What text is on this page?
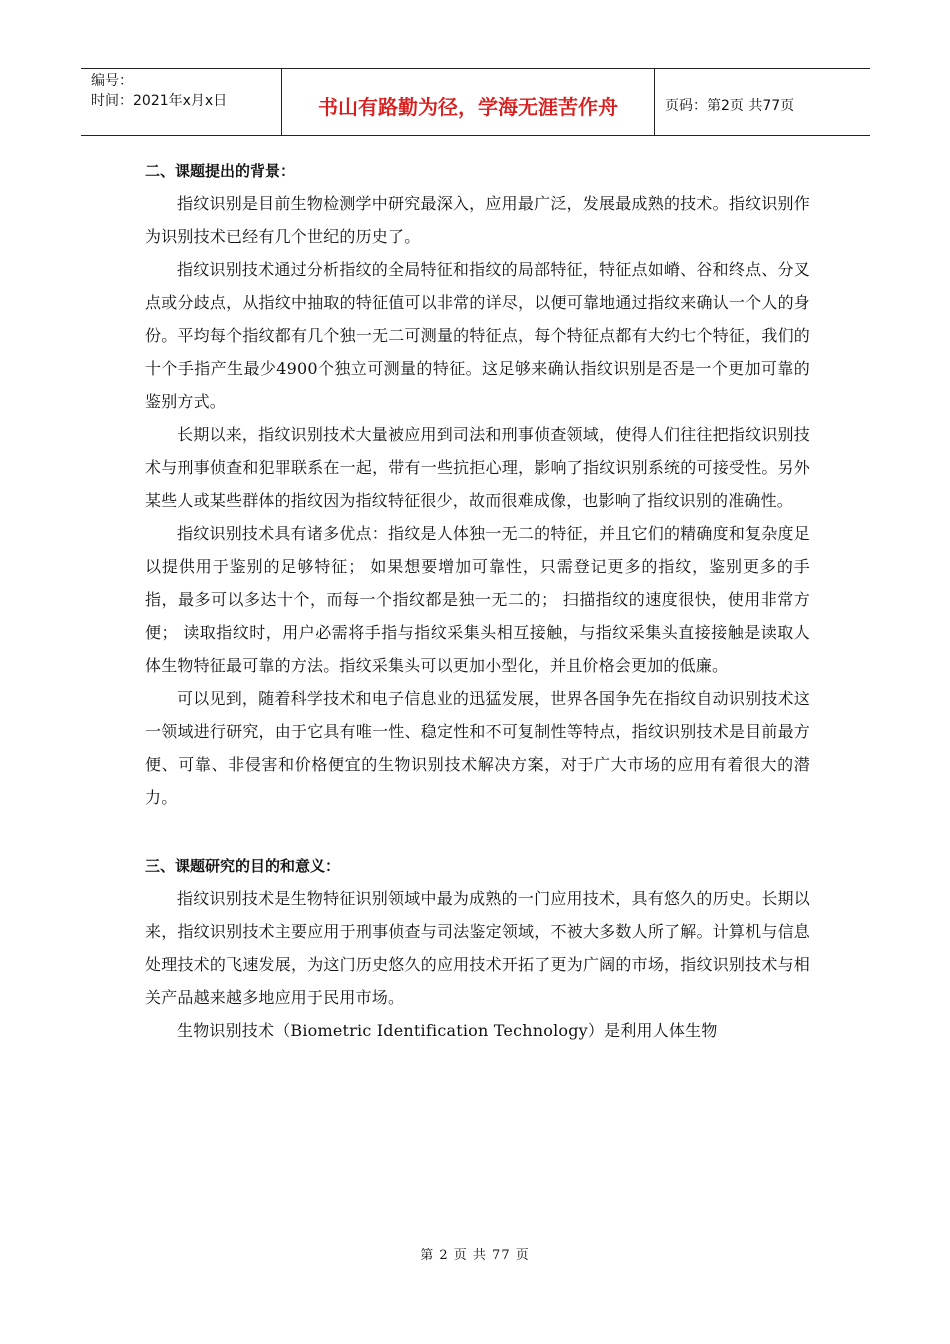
编号：
时间：2021年x月x日	书山有路勤为径，学海无涯苦作舟	页码：第2页 共77页

二、课题提出的背景：

指纹识别是目前生物检测学中研究最深入，应用最广泛，发展最成熟的技术。指纹识别作为识别技术已经有几个世纪的历史了。

指纹识别技术通过分析指纹的全局特征和指纹的局部特征，特征点如嵴、谷和终点、分叉点或分歧点，从指纹中抽取的特征值可以非常的详尽，以便可靠地通过指纹来确认一个人的身份。平均每个指纹都有几个独一无二可测量的特征点，每个特征点都有大约七个特征，我们的十个手指产生最少4900个独立可测量的特征。这足够来确认指纹识别是否是一个更加可靠的鉴别方式。

长期以来，指纹识别技术大量被应用到司法和刑事侦查领域，使得人们往往把指纹识别技术与刑事侦查和犯罪联系在一起，带有一些抗拒心理，影响了指纹识别系统的可接受性。另外某些人或某些群体的指纹因为指纹特征很少，故而很难成像，也影响了指纹识别的准确性。

指纹识别技术具有诸多优点：指纹是人体独一无二的特征，并且它们的精确度和复杂度足以提供用于鉴别的足够特征； 如果想要增加可靠性，只需登记更多的指纹，鉴别更多的手指，最多可以多达十个，而每一个指纹都是独一无二的； 扫描指纹的速度很快，使用非常方便； 读取指纹时，用户必需将手指与指纹采集头相互接触，与指纹采集头直接接触是读取人体生物特征最可靠的方法。指纹采集头可以更加小型化，并且价格会更加的低廉。

可以见到，随着科学技术和电子信息业的迅猛发展，世界各国争先在指纹自动识别技术这一领域进行研究，由于它具有唯一性、稳定性和不可复制性等特点，指纹识别技术是目前最方便、可靠、非侵害和价格便宜的生物识别技术解决方案，对于广大市场的应用有着很大的潜力。

三、课题研究的目的和意义：

指纹识别技术是生物特征识别领域中最为成熟的一门应用技术，具有悠久的历史。长期以来，指纹识别技术主要应用于刑事侦查与司法鉴定领域，不被大多数人所了解。计算机与信息处理技术的飞速发展，为这门历史悠久的应用技术开拓了更为广阔的市场，指纹识别技术与相关产品越来越多地应用于民用市场。

生物识别技术（Biometric Identification Technology）是利用人体生物

第 2 页 共 77 页
